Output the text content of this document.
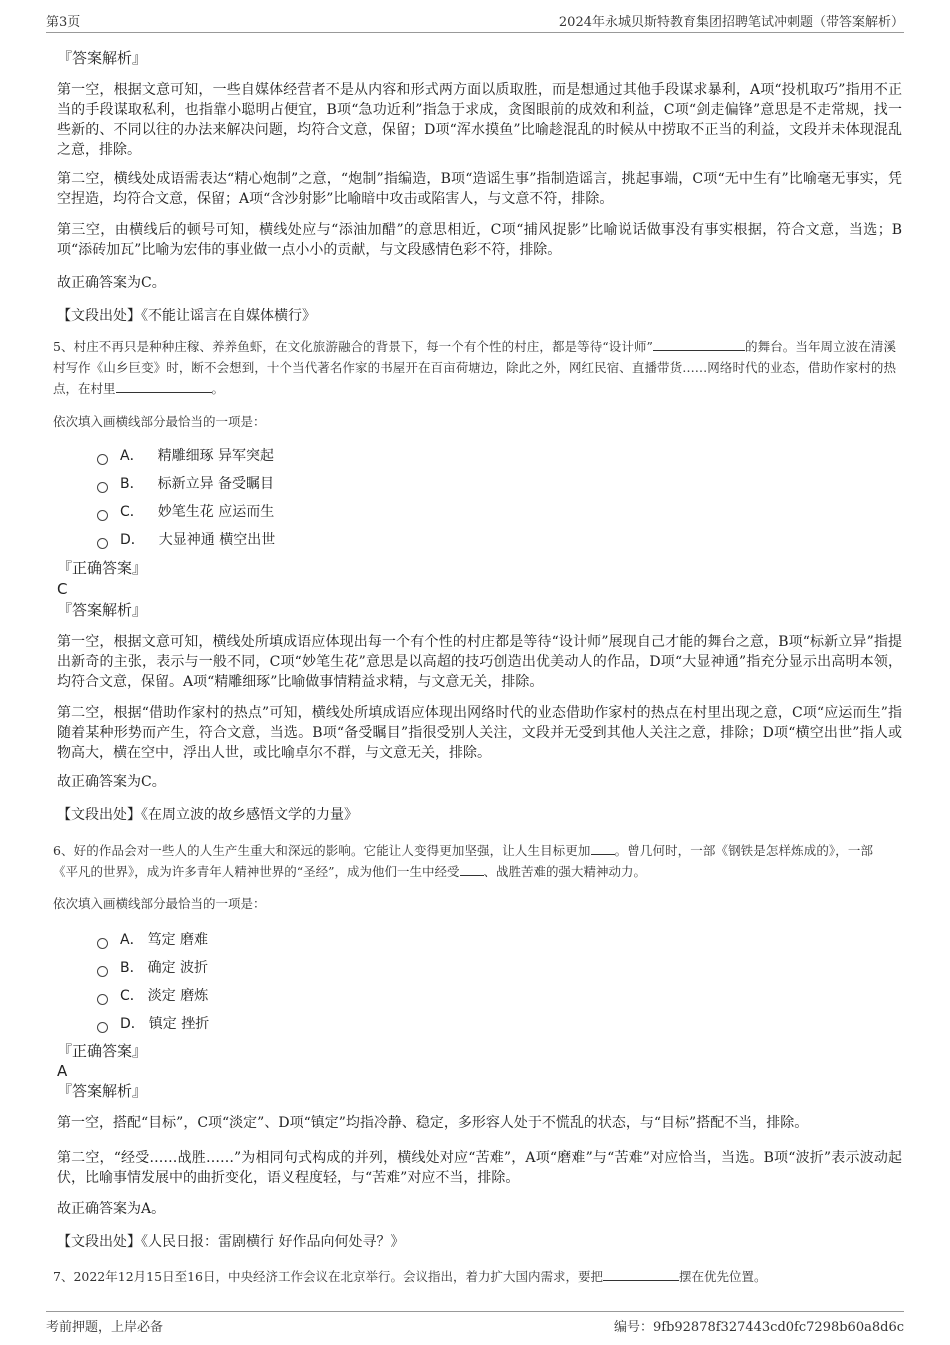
第3页	2024年永城贝斯特教育集团招聘笔试冲刺题（带答案解析）

『答案解析』

第一空，根据文意可知，一些自媒体经营者不是从内容和形式两方面以质取胜，而是想通过其他手段谋求暴利，A项“投机取巧”指用不正当的手段谋取私利，也指靠小聪明占便宜，B项“急功近利”指急于求成，贪图眼前的成效和利益，C项“剑走偏锋”意思是不走常规，找一些新的、不同以往的办法来解决问题，均符合文意，保留；D项“浑水摸鱼”比喻趁混乱的时候从中捞取不正当的利益，文段并未体现混乱之意，排除。

第二空，横线处成语需表达“精心炮制”之意，“炮制”指编造，B项“造谣生事”指制造谣言，挑起事端，C项“无中生有”比喻毫无事实，凭空捏造，均符合文意，保留；A项“含沙射影”比喻暗中攻击或陷害人，与文意不符，排除。

第三空，由横线后的顿号可知，横线处应与“添油加醋”的意思相近，C项“捕风捉影”比喻说话做事没有事实根据，符合文意，当选；B项“添砖加瓦”比喻为宏伟的事业做一点小小的贡献，与文段感情色彩不符，排除。

故正确答案为C。

【文段出处】《不能让谣言在自媒体横行》

5、村庄不再只是种种庄稼、养养鱼虾，在文化旅游融合的背景下，每一个有个性的村庄，都是等待“设计师”	的舞台。当年周立波在清溪村写作《山乡巨变》时，断不会想到，十个当代著名作家的书屋开在百亩荷塘边，除此之外，网红民宿、直播带货……网络时代的业态，借助作家村的热点，在村里	。

依次填入画横线部分最恰当的一项是：

A． 精雕细琢 异军突起
B． 标新立异 备受瞩目
C． 妙笔生花 应运而生
D． 大显神通 横空出世

『正确答案』

C

『答案解析』

第一空，根据文意可知，横线处所填成语应体现出每一个有个性的村庄都是等待“设计师”展现自己才能的舞台之意，B项“标新立异”指提出新奇的主张，表示与一般不同，C项“妙笔生花”意思是以高超的技巧创造出优美动人的作品，D项“大显神通”指充分显示出高明本领，均符合文意，保留。A项“精雕细琢”比喻做事情精益求精，与文意无关，排除。

第二空，根据“借助作家村的热点”可知，横线处所填成语应体现出网络时代的业态借助作家村的热点在村里出现之意，C项“应运而生”指随着某种形势而产生，符合文意，当选。B项“备受瞩目”指很受别人关注，文段并无受到其他人关注之意，排除；D项“横空出世”指人或物高大，横在空中，浮出人世，或比喻卓尔不群，与文意无关，排除。

故正确答案为C。

【文段出处】《在周立波的故乡感悟文学的力量》

6、好的作品会对一些人的人生产生重大和深远的影响。它能让人变得更加坚强，让人生目标更加 。曾几何时，一部《钢铁是怎样炼成的》，一部《平凡的世界》，成为许多青年人精神世界的“圣经”，成为他们一生中经受 、战胜苦难的强大精神动力。

依次填入画横线部分最恰当的一项是：

A． 笃定 磨难
B． 确定 波折
C． 淡定 磨炼
D． 镇定 挫折

『正确答案』

A

『答案解析』

第一空，搭配“目标”，C项“淡定”、D项“镇定”均指冷静、稳定，多形容人处于不慌乱的状态，与“目标”搭配不当，排除。

第二空，“经受……战胜……”为相同句式构成的并列，横线处对应“苦难”，A项“磨难”与“苦难”对应恰当，当选。B项“波折”表示波动起伏，比喻事情发展中的曲折变化，语义程度轻，与“苦难”对应不当，排除。

故正确答案为A。

【文段出处】《人民日报：雷剧横行 好作品向何处寻？》

7、2022年12月15日至16日，中央经济工作会议在北京举行。会议指出，着力扩大国内需求，要把	摆在优先位置。

考前押题，上岸必备	编号：9fb92878f327443cd0fc7298b60a8d6c
